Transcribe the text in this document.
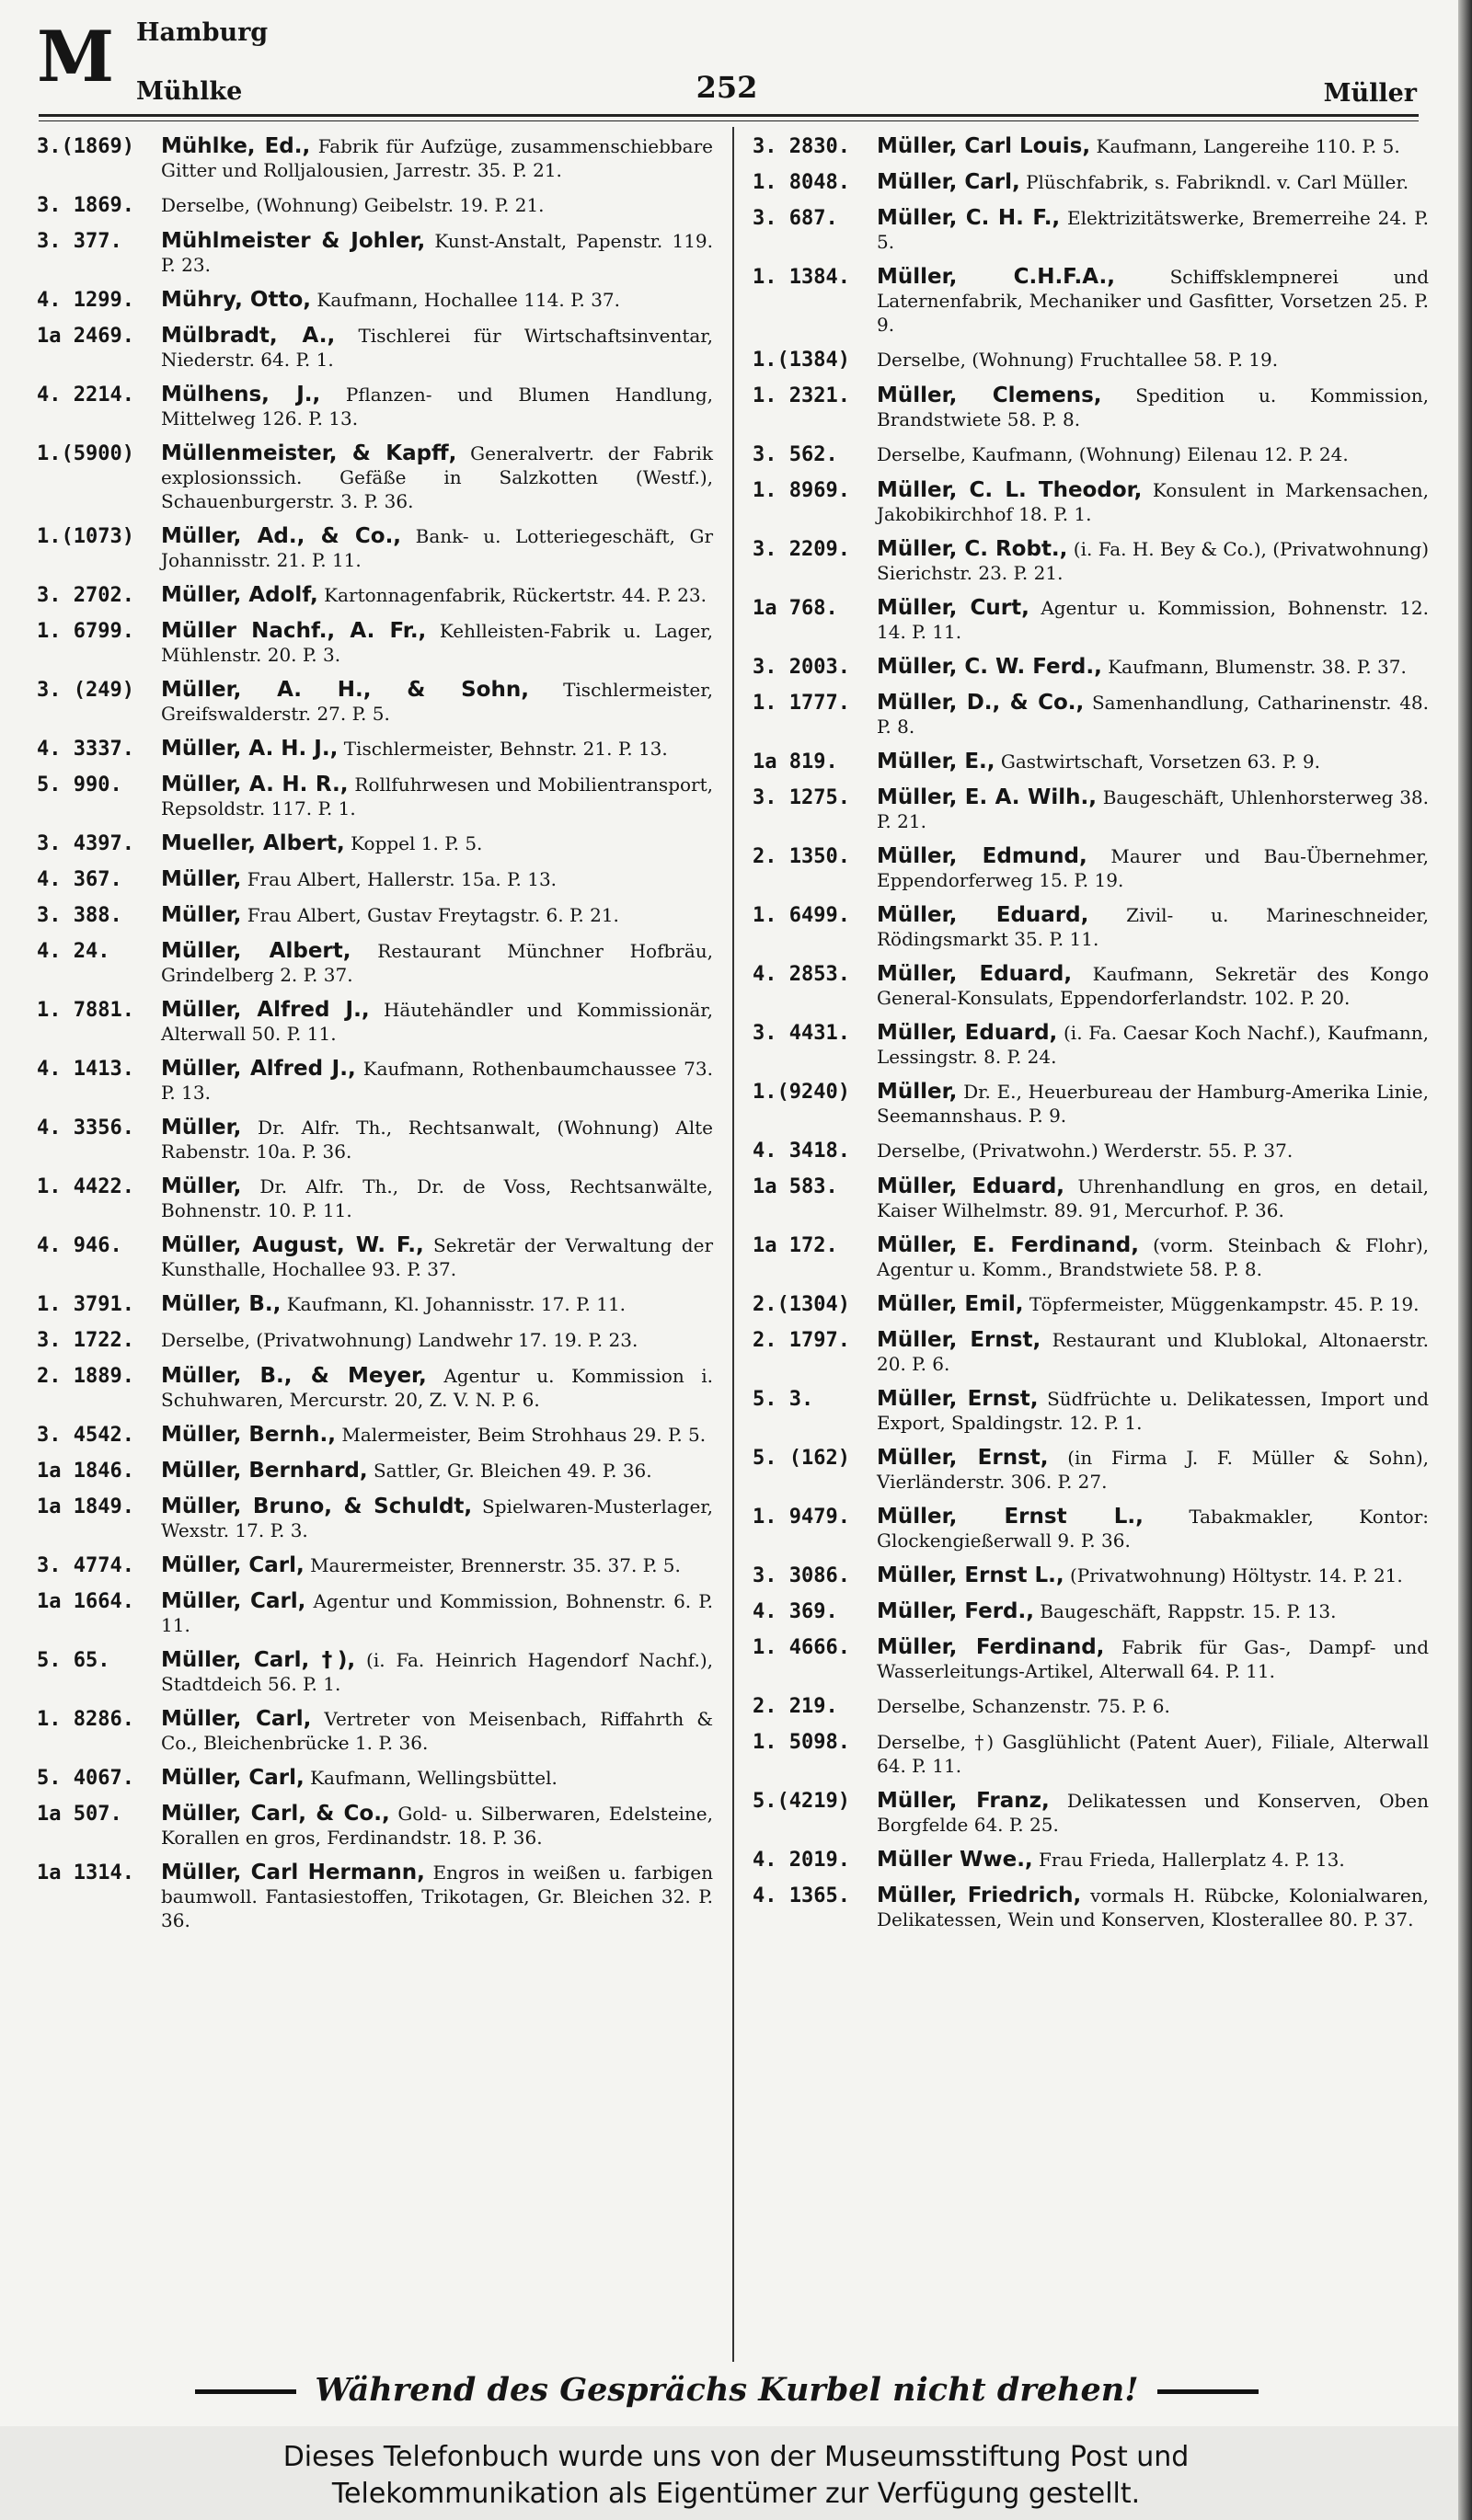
M Hamburg
Mühlke	252	Müller
3.(1869)	Mühlke, Ed., Fabrik für Aufzüge, zusammenschiebbare Gitter und Rolljalousien, Jarrestr. 35. P. 21.
3. 1869.	Derselbe, (Wohnung) Geibelstr. 19. P. 21.
3. 377.	Mühlmeister & Johler, Kunst-Anstalt, Papenstr. 119. P. 23.
4. 1299.	Mühry, Otto, Kaufmann, Hochallee 114. P. 37.
1a 2469.	Mülbradt, A., Tischlerei für Wirtschaftsinventar, Niederstr. 64. P. 1.
4. 2214.	Mülhens, J., Pflanzen- und Blumen Handlung, Mittelweg 126. P. 13.
1.(5900)	Müllenmeister, & Kapff, Generalvertr. der Fabrik explosionssich. Gefäße in Salzkotten (Westf.), Schauenburgerstr. 3. P. 36.
1.(1073)	Müller, Ad., & Co., Bank- u. Lotteriegeschäft, Gr Johannisstr. 21. P. 11.
3. 2702.	Müller, Adolf, Kartonnagenfabrik, Rückertstr. 44. P. 23.
1. 6799.	Müller Nachf., A. Fr., Kehlleisten-Fabrik u. Lager, Mühlenstr. 20. P. 3.
3. (249)	Müller, A. H., & Sohn, Tischlermeister, Greifswalderstr. 27. P. 5.
4. 3337.	Müller, A. H. J., Tischlermeister, Behnstr. 21. P. 13.
5. 990.	Müller, A. H. R., Rollfuhrwesen und Mobilientransport, Repsoldstr. 117. P. 1.
3. 4397.	Mueller, Albert, Koppel 1. P. 5.
4. 367.	Müller, Frau Albert, Hallerstr. 15a. P. 13.
3. 388.	Müller, Frau Albert, Gustav Freytagstr. 6. P. 21.
4. 24.	Müller, Albert, Restaurant Münchner Hofbräu, Grindelberg 2. P. 37.
1. 7881.	Müller, Alfred J., Häutehändler und Kommissionär, Alterwall 50. P. 11.
4. 1413.	Müller, Alfred J., Kaufmann, Rothenbaumchaussee 73. P. 13.
4. 3356.	Müller, Dr. Alfr. Th., Rechtsanwalt, (Wohnung) Alte Rabenstr. 10a. P. 36.
1. 4422.	Müller, Dr. Alfr. Th., Dr. de Voss, Rechtsanwälte, Bohnenstr. 10. P. 11.
4. 946.	Müller, August, W. F., Sekretär der Verwaltung der Kunsthalle, Hochallee 93. P. 37.
1. 3791.	Müller, B., Kaufmann, Kl. Johannisstr. 17. P. 11.
3. 1722.	Derselbe, (Privatwohnung) Landwehr 17. 19. P. 23.
2. 1889.	Müller, B., & Meyer, Agentur u. Kommission i. Schuhwaren, Mercurstr. 20, Z. V. N. P. 6.
3. 4542.	Müller, Bernh., Malermeister, Beim Strohhaus 29. P. 5.
1a 1846.	Müller, Bernhard, Sattler, Gr. Bleichen 49. P. 36.
1a 1849.	Müller, Bruno, & Schuldt, Spielwaren-Musterlager, Wexstr. 17. P. 3.
3. 4774.	Müller, Carl, Maurermeister, Brennerstr. 35. 37. P. 5.
1a 1664.	Müller, Carl, Agentur und Kommission, Bohnenstr. 6. P. 11.
5. 65.	Müller, Carl, †), (i. Fa. Heinrich Hagendorf Nachf.), Stadtdeich 56. P. 1.
1. 8286.	Müller, Carl, Vertreter von Meisenbach, Riffahrth & Co., Bleichenbrücke 1. P. 36.
5. 4067.	Müller, Carl, Kaufmann, Wellingsbüttel.
1a 507.	Müller, Carl, & Co., Gold- u. Silberwaren, Edelsteine, Korallen en gros, Ferdinandstr. 18. P. 36.
1a 1314.	Müller, Carl Hermann, Engros in weißen u. farbigen baumwoll. Fantasiestoffen, Trikotagen, Gr. Bleichen 32. P. 36.
3. 2830.	Müller, Carl Louis, Kaufmann, Langereihe 110. P. 5.
1. 8048.	Müller, Carl, Plüschfabrik, s. Fabrikndl. v. Carl Müller.
3. 687.	Müller, C. H. F., Elektrizitätswerke, Bremerreihe 24. P. 5.
1. 1384.	Müller, C.H.F.A.,	Schiffsklempnerei und Laternenfabrik, Mechaniker und Gasfitter, Vorsetzen 25. P. 9.
1.(1384)	Derselbe, (Wohnung) Fruchtallee 58. P. 19.
1. 2321.	Müller, Clemens, Spedition u. Kommission, Brandstwiete 58. P. 8.
3. 562.	Derselbe, Kaufmann, (Wohnung) Eilenau 12. P. 24.
1. 8969.	Müller, C. L. Theodor, Konsulent in Markensachen, Jakobikirchhof 18. P. 1.
3. 2209.	Müller, C. Robt., (i. Fa. H. Bey & Co.), (Privatwohnung) Sierichstr. 23. P. 21.
1a 768.	Müller, Curt, Agentur u. Kommission, Bohnenstr. 12. 14. P. 11.
3. 2003.	Müller, C. W. Ferd., Kaufmann, Blumenstr. 38. P. 37.
1. 1777.	Müller, D., & Co., Samenhandlung, Catharinenstr. 48. P. 8.
1a 819.	Müller, E., Gastwirtschaft, Vorsetzen 63. P. 9.
3. 1275.	Müller, E. A. Wilh., Baugeschäft, Uhlenhorsterweg 38. P. 21.
2. 1350.	Müller, Edmund, Maurer und Bau-Übernehmer, Eppendorferweg 15. P. 19.
1. 6499.	Müller, Eduard, Zivil- u. Marineschneider, Rödingsmarkt 35. P. 11.
4. 2853.	Müller, Eduard, Kaufmann, Sekretär des Kongo General-Konsulats, Eppendorferlandstr. 102. P. 20.
3. 4431.	Müller, Eduard, (i. Fa. Caesar Koch Nachf.), Kaufmann, Lessingstr. 8. P. 24.
1.(9240)	Müller, Dr. E., Heuerbureau der Hamburg-Amerika Linie, Seemannshaus. P. 9.
4. 3418.	Derselbe, (Privatwohn.) Werderstr. 55. P. 37.
1a 583.	Müller, Eduard, Uhrenhandlung en gros, en detail, Kaiser Wilhelmstr. 89. 91, Mercurhof. P. 36.
1a 172.	Müller, E. Ferdinand, (vorm. Steinbach & Flohr), Agentur u. Komm., Brandstwiete 58. P. 8.
2.(1304)	Müller, Emil, Töpfermeister, Müggenkampstr. 45. P. 19.
2. 1797.	Müller, Ernst, Restaurant und Klublokal, Altonaerstr. 20. P. 6.
5. 3.	Müller, Ernst, Südfrüchte u. Delikatessen, Import und Export, Spaldingstr. 12. P. 1.
5. (162)	Müller, Ernst, (in Firma J. F. Müller & Sohn), Vierländerstr. 306. P. 27.
1. 9479.	Müller, Ernst L., Tabakmakler, Kontor: Glockengießerwall 9. P. 36.
3. 3086.	Müller, Ernst L., (Privatwohnung) Höltystr. 14. P. 21.
4. 369.	Müller, Ferd., Baugeschäft, Rappstr. 15. P. 13.
1. 4666.	Müller, Ferdinand, Fabrik für Gas-, Dampf- und Wasserleitungs-Artikel, Alterwall 64. P. 11.
2. 219.	Derselbe, Schanzenstr. 75. P. 6.
1. 5098.	Derselbe, †) Gasglühlicht (Patent Auer), Filiale, Alterwall 64. P. 11.
5.(4219)	Müller, Franz, Delikatessen und Konserven, Oben Borgfelde 64. P. 25.
4. 2019.	Müller Wwe., Frau Frieda, Hallerplatz 4. P. 13.
4. 1365.	Müller, Friedrich, vormals H. Rübcke, Kolonialwaren, Delikatessen, Wein und Konserven, Klosterallee 80. P. 37.
Während des Gesprächs Kurbel nicht drehen!
Dieses Telefonbuch wurde uns von der Museumsstiftung Post und
Telekommunikation als Eigentümer zur Verfügung gestellt.
